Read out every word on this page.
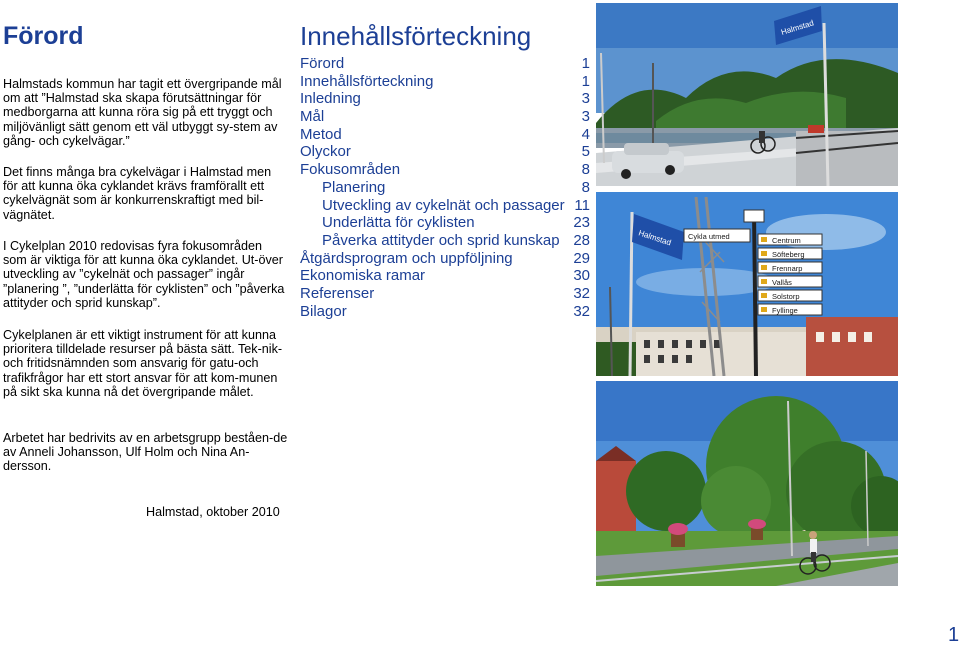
Förord

Halmstads kommun har tagit ett övergripande mål om att ”Halmstad ska skapa förutsättningar för medborgarna att kunna röra sig på ett tryggt och miljövänligt sätt genom ett väl utbyggt sy-stem av gång- och cykelvägar.”

Det finns många bra cykelvägar i Halmstad men för att kunna öka cyklandet krävs framförallt ett cykelvägnät som är konkurrenskraftigt med bil-vägnätet.

I Cykelplan 2010 redovisas fyra fokusområden som är viktiga för att kunna öka cyklandet. Ut-över utveckling av ”cykelnät och passager” ingår ”planering ”, ”underlätta för cyklisten” och ”påverka attityder och sprid kunskap”.

Cykelplanen är ett viktigt instrument för att kunna prioritera tilldelade resurser på bästa sätt. Tek-nik- och fritidsnämnden som ansvarig för gatu-och trafikfrågor har ett stort ansvar för att kom-munen på sikt ska kunna nå det övergripande målet.

Arbetet har bedrivits av en arbetsgrupp beståen-de av Anneli Johansson, Ulf Holm och Nina An-dersson.

Halmstad, oktober 2010
Innehållsförteckning
Förord	1
Innehållsförteckning	1
Inledning	3
Mål	3
Metod	4
Olyckor	5
Fokusområden	8
Planering	8
Utveckling av cykelnät och passager 11
Underlätta för cyklisten	23
Påverka attityder och sprid kunskap 28
Åtgärdsprogram och uppföljning	29
Ekonomiska ramar	30
Referenser	32
Bilagor	32
Halmstad
Halmstad Cykla utmed	Centrum
Söfteberg
Frennarp
Vallås
Solstorp
Fyllinge
1
